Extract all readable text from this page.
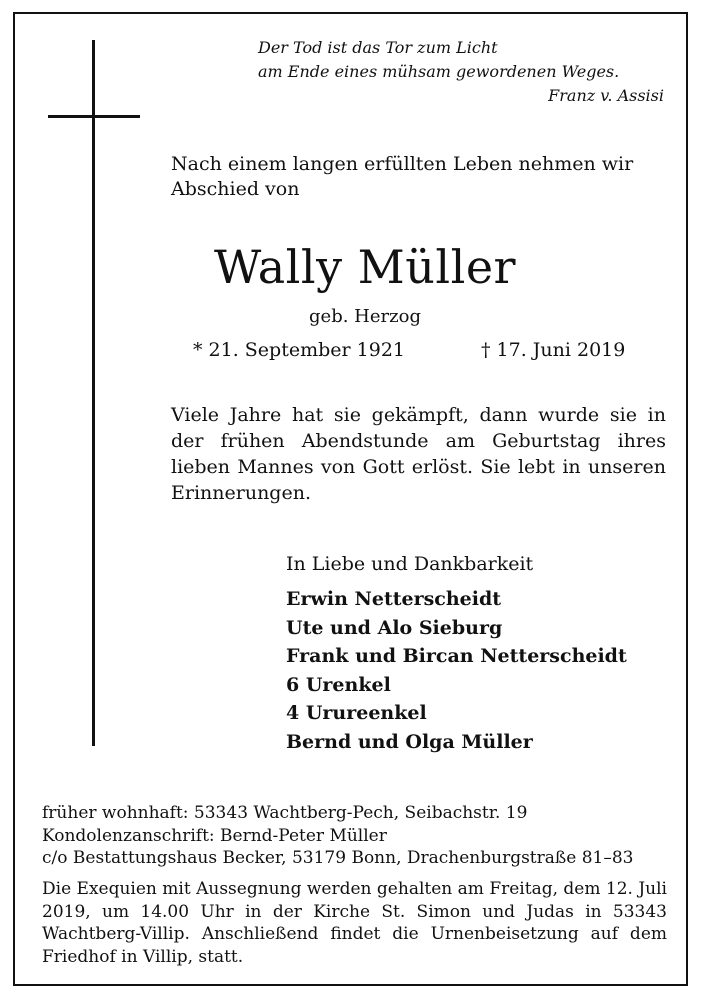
Der Tod ist das Tor zum Licht
am Ende eines mühsam gewordenen Weges.
Franz v. Assisi
Nach einem langen erfüllten Leben nehmen wir
Abschied von
Wally Müller
geb. Herzog
* 21. September 1921	† 17. Juni 2019
Viele Jahre hat sie gekämpft, dann wurde sie in der frühen Abendstunde am Geburtstag ihres lieben Mannes von Gott erlöst. Sie lebt in unseren Erinnerungen.
In Liebe und Dankbarkeit
Erwin Netterscheidt
Ute und Alo Sieburg
Frank und Bircan Netterscheidt
6 Urenkel
4 Urureenkel
Bernd und Olga Müller
früher wohnhaft: 53343 Wachtberg-Pech, Seibachstr. 19
Kondolenzanschrift: Bernd-Peter Müller
c/o Bestattungshaus Becker, 53179 Bonn, Drachenburgstraße 81–83
Die Exequien mit Aussegnung werden gehalten am Freitag, dem 12. Juli 2019, um 14.00 Uhr in der Kirche St. Simon und Judas in 53343 Wachtberg-Villip. Anschließend findet die Urnenbeisetzung auf dem Friedhof in Villip, statt.
